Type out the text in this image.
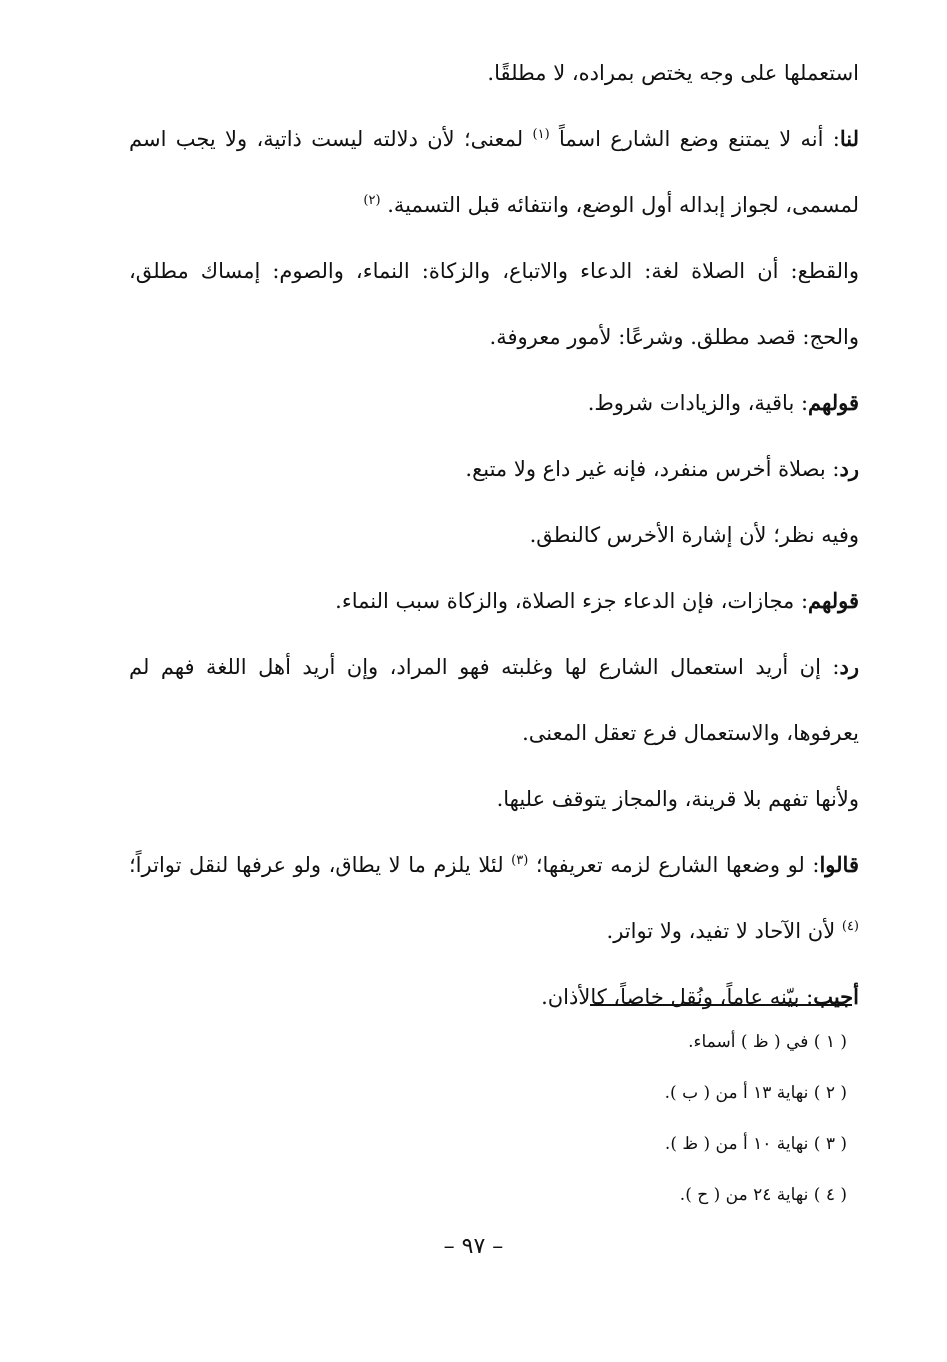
استعملها على وجه يختص بمراده، لا مطلقًا.

لنا: أنه لا يمتنع وضع الشارع اسماً $^{(١)}$ لمعنى؛ لأن دلالته ليست ذاتية، ولا يجب اسم لمسمى، لجواز إبداله أول الوضع، وانتفائه قبل التسمية. $^{(٢)}$

والقطع: أن الصلاة لغة: الدعاء والاتباع، والزكاة: النماء، والصوم: إمساك مطلق، والحج: قصد مطلق. وشرعًا: لأمور معروفة.

قولهم: باقية، والزيادات شروط.

رد: بصلاة أخرس منفرد، فإنه غير داع ولا متبع.

وفيه نظر؛ لأن إشارة الأخرس كالنطق.

قولهم: مجازات، فإن الدعاء جزء الصلاة، والزكاة سبب النماء.

رد: إن أريد استعمال الشارع لها وغلبته فهو المراد، وإن أريد أهل اللغة فهم لم يعرفوها، والاستعمال فرع تعقل المعنى.

ولأنها تفهم بلا قرينة، والمجاز يتوقف عليها.

قالوا: لو وضعها الشارع لزمه تعريفها؛ $^{(٣)}$ لئلا يلزم ما لا يطاق، ولو عرفها لنقل تواتراً؛ $^{(٤)}$ لأن الآحاد لا تفيد، ولا تواتر.

أجيب: بيّنه عاماً، ونُقل خاصاً، كالأذان.

( ١ ) في ( ظ ) أسماء.

( ٢ ) نهاية ١٣ أ من ( ب ).

( ٣ ) نهاية ١٠ أ من ( ظ ).

( ٤ ) نهاية ٢٤ من ( ح ).

– ٩٧ –
